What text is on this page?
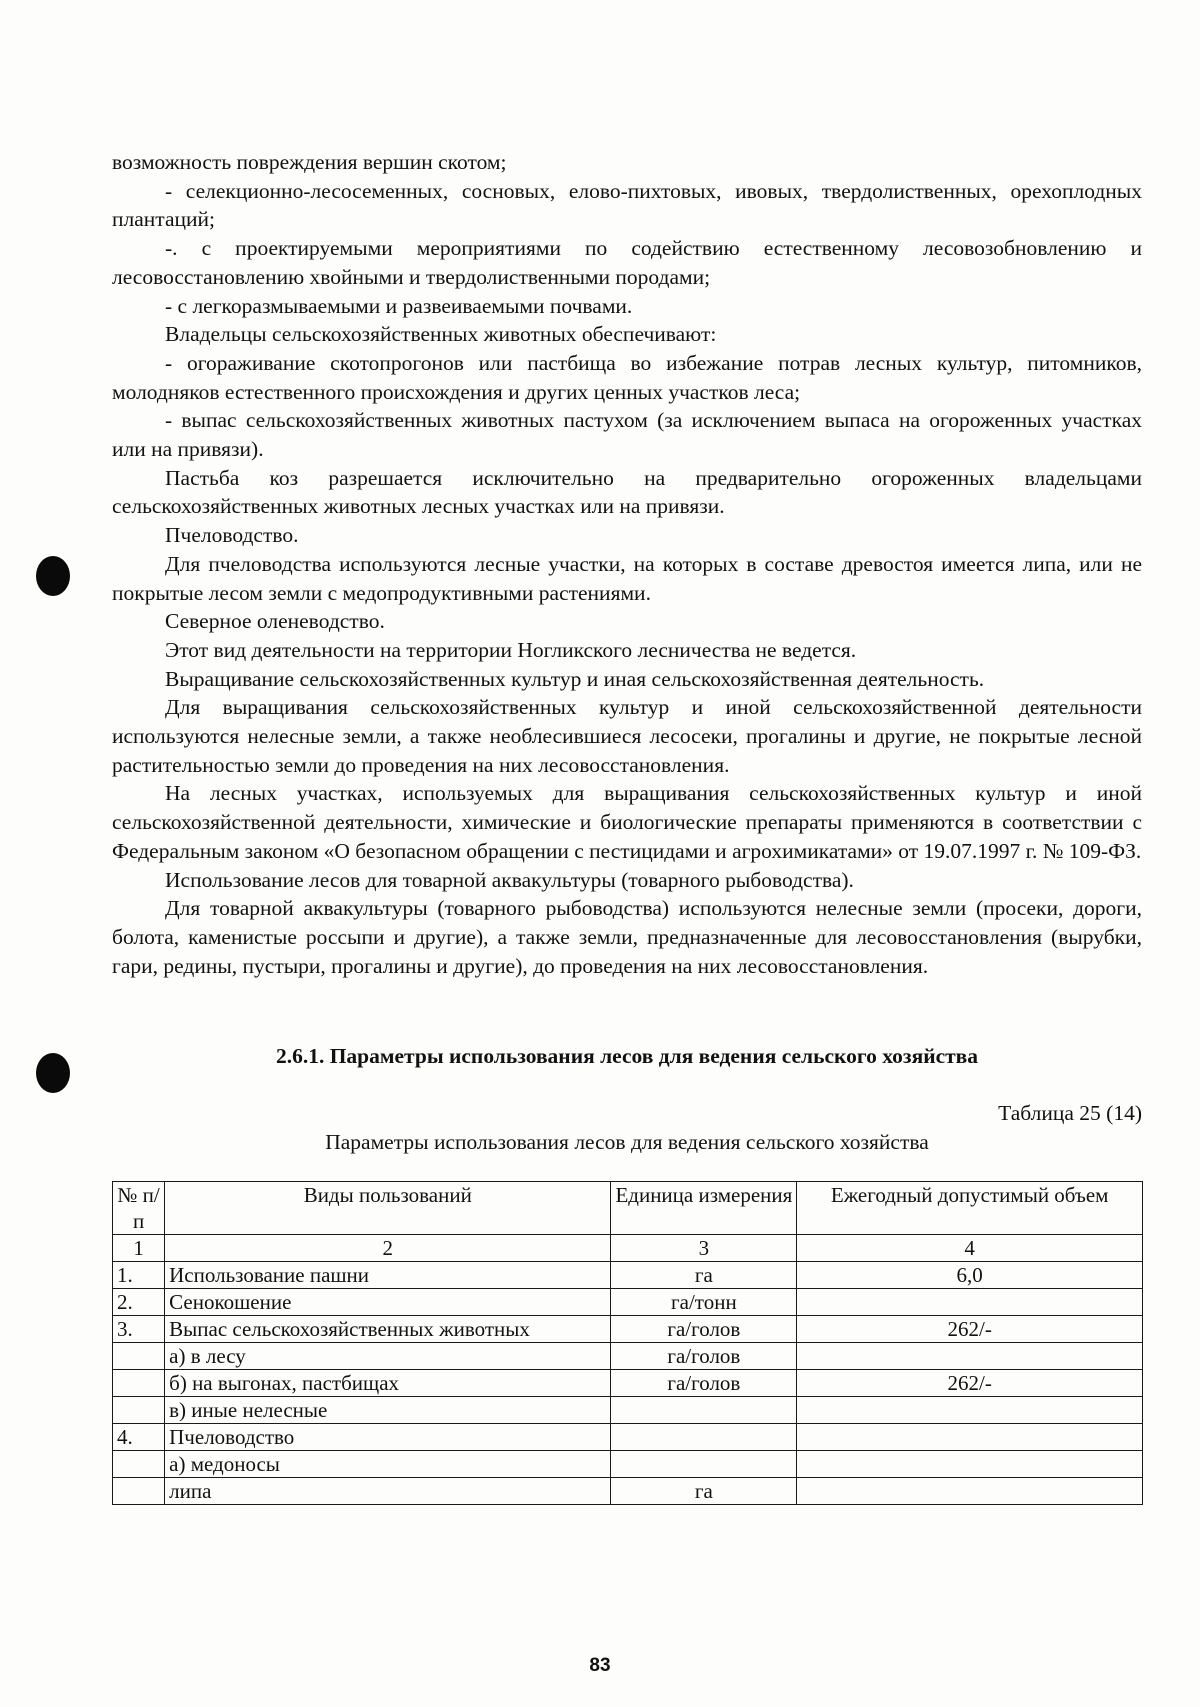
возможность повреждения вершин скотом;

- селекционно-лесосеменных, сосновых, елово-пихтовых, ивовых, твердолиственных, орехоплодных плантаций;

-. с проектируемыми мероприятиями по содействию естественному лесовозобновлению и лесовосстановлению хвойными и твердолиственными породами;

- с легкоразмываемыми и развеиваемыми почвами.

Владельцы сельскохозяйственных животных обеспечивают:

- огораживание скотопрогонов или пастбища во избежание потрав лесных культур, питомников, молодняков естественного происхождения и других ценных участков леса;

- выпас сельскохозяйственных животных пастухом (за исключением выпаса на огороженных участках или на привязи).

Пастьба коз разрешается исключительно на предварительно огороженных владельцами сельскохозяйственных животных лесных участках или на привязи.

Пчеловодство.

Для пчеловодства используются лесные участки, на которых в составе древостоя имеется липа, или не покрытые лесом земли с медопродуктивными растениями.

Северное оленеводство.

Этот вид деятельности на территории Ногликского лесничества не ведется.

Выращивание сельскохозяйственных культур и иная сельскохозяйственная деятельность.

Для выращивания сельскохозяйственных культур и иной сельскохозяйственной деятельности используются нелесные земли, а также необлесившиеся лесосеки, прогалины и другие, не покрытые лесной растительностью земли до проведения на них лесовосстановления.

На лесных участках, используемых для выращивания сельскохозяйственных культур и иной сельскохозяйственной деятельности, химические и биологические препараты применяются в соответствии с Федеральным законом «О безопасном обращении с пестицидами и агрохимикатами» от 19.07.1997 г. № 109-ФЗ.

Использование лесов для товарной аквакультуры (товарного рыбоводства).

Для товарной аквакультуры (товарного рыбоводства) используются нелесные земли (просеки, дороги, болота, каменистые россыпи и другие), а также земли, предназначенные для лесовосстановления (вырубки, гари, редины, пустыри, прогалины и другие), до проведения на них лесовосстановления.

2.6.1. Параметры использования лесов для ведения сельского хозяйства

Таблица 25 (14)

Параметры использования лесов для ведения сельского хозяйства

№ п/п	Виды пользований	Единица измерения	Ежегодный допустимый объем
1	2	3	4
1.	Использование пашни	га	6,0
2.	Сенокошение	га/тонн	
3.	Выпас сельскохозяйственных животных	га/голов	262/-
	а) в лесу	га/голов	
	б) на выгонах, пастбищах	га/голов	262/-
	в) иные нелесные		
4.	Пчеловодство		
	а) медоносы		
	липа	га	
83
